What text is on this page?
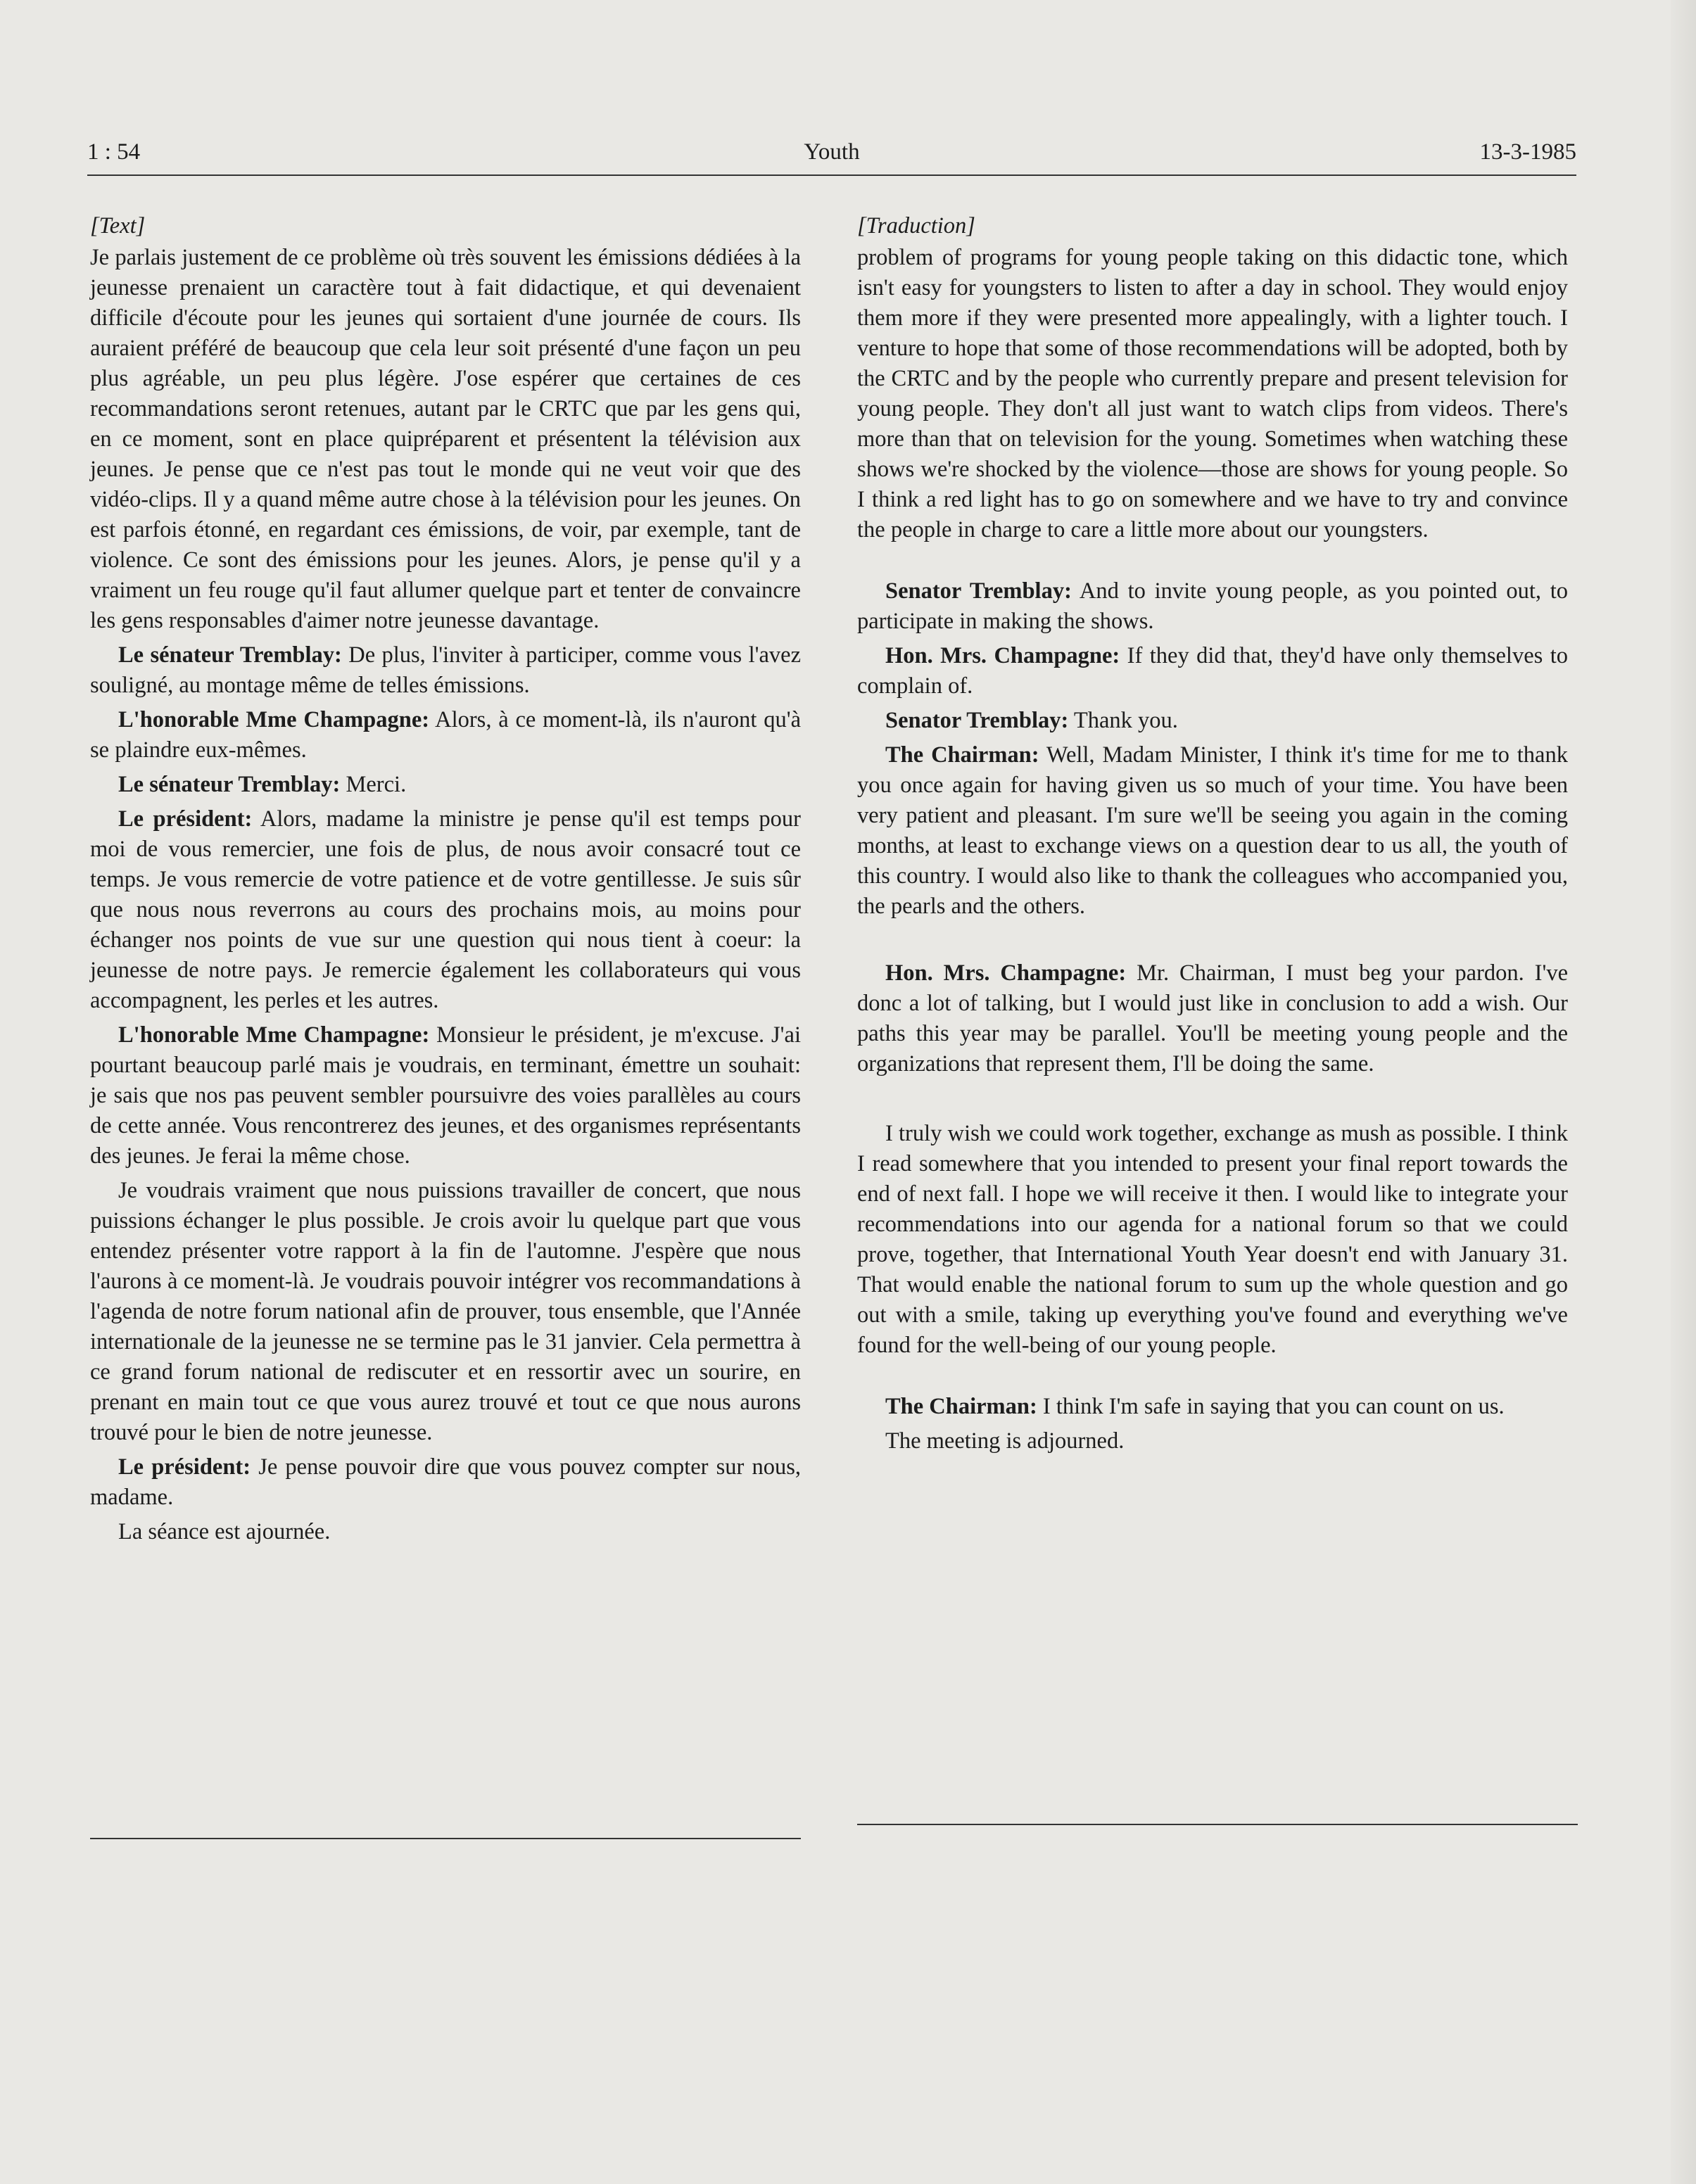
1 : 54	Youth	13-3-1985
[Text]

Je parlais justement de ce problème où très souvent les émissions dédiées à la jeunesse prenaient un caractère tout à fait didactique, et qui devenaient difficile d'écoute pour les jeunes qui sortaient d'une journée de cours. Ils auraient préféré de beaucoup que cela leur soit présenté d'une façon un peu plus agréable, un peu plus légère. J'ose espérer que certaines de ces recommandations seront retenues, autant par le CRTC que par les gens qui, en ce moment, sont en place quipréparent et présentent la télévision aux jeunes. Je pense que ce n'est pas tout le monde qui ne veut voir que des vidéo-clips. Il y a quand même autre chose à la télévision pour les jeunes. On est parfois étonné, en regardant ces émissions, de voir, par exemple, tant de violence. Ce sont des émissions pour les jeunes. Alors, je pense qu'il y a vraiment un feu rouge qu'il faut allumer quelque part et tenter de convaincre les gens responsables d'aimer notre jeunesse davantage.

Le sénateur Tremblay: De plus, l'inviter à participer, comme vous l'avez souligné, au montage même de telles émissions.

L'honorable Mme Champagne: Alors, à ce moment-là, ils n'auront qu'à se plaindre eux-mêmes.

Le sénateur Tremblay: Merci.

Le président: Alors, madame la ministre je pense qu'il est temps pour moi de vous remercier, une fois de plus, de nous avoir consacré tout ce temps. Je vous remercie de votre patience et de votre gentillesse. Je suis sûr que nous nous reverrons au cours des prochains mois, au moins pour échanger nos points de vue sur une question qui nous tient à coeur: la jeunesse de notre pays. Je remercie également les collaborateurs qui vous accompagnent, les perles et les autres.

L'honorable Mme Champagne: Monsieur le président, je m'excuse. J'ai pourtant beaucoup parlé mais je voudrais, en terminant, émettre un souhait: je sais que nos pas peuvent sembler poursuivre des voies parallèles au cours de cette année. Vous rencontrerez des jeunes, et des organismes représentants des jeunes. Je ferai la même chose.

Je voudrais vraiment que nous puissions travailler de concert, que nous puissions échanger le plus possible. Je crois avoir lu quelque part que vous entendez présenter votre rapport à la fin de l'automne. J'espère que nous l'aurons à ce moment-là. Je voudrais pouvoir intégrer vos recommandations à l'agenda de notre forum national afin de prouver, tous ensemble, que l'Année internationale de la jeunesse ne se termine pas le 31 janvier. Cela permettra à ce grand forum national de rediscuter et en ressortir avec un sourire, en prenant en main tout ce que vous aurez trouvé et tout ce que nous aurons trouvé pour le bien de notre jeunesse.

Le président: Je pense pouvoir dire que vous pouvez compter sur nous, madame.

La séance est ajournée.

[Traduction]

problem of programs for young people taking on this didactic tone, which isn't easy for youngsters to listen to after a day in school. They would enjoy them more if they were presented more appealingly, with a lighter touch. I venture to hope that some of those recommendations will be adopted, both by the CRTC and by the people who currently prepare and present television for young people. They don't all just want to watch clips from videos. There's more than that on television for the young. Sometimes when watching these shows we're shocked by the violence—those are shows for young people. So I think a red light has to go on somewhere and we have to try and convince the people in charge to care a little more about our youngsters.

Senator Tremblay: And to invite young people, as you pointed out, to participate in making the shows.

Hon. Mrs. Champagne: If they did that, they'd have only themselves to complain of.

Senator Tremblay: Thank you.

The Chairman: Well, Madam Minister, I think it's time for me to thank you once again for having given us so much of your time. You have been very patient and pleasant. I'm sure we'll be seeing you again in the coming months, at least to exchange views on a question dear to us all, the youth of this country. I would also like to thank the colleagues who accompanied you, the pearls and the others.

Hon. Mrs. Champagne: Mr. Chairman, I must beg your pardon. I've donc a lot of talking, but I would just like in conclusion to add a wish. Our paths this year may be parallel. You'll be meeting young people and the organizations that represent them, I'll be doing the same.

I truly wish we could work together, exchange as mush as possible. I think I read somewhere that you intended to present your final report towards the end of next fall. I hope we will receive it then. I would like to integrate your recommendations into our agenda for a national forum so that we could prove, together, that International Youth Year doesn't end with January 31. That would enable the national forum to sum up the whole question and go out with a smile, taking up everything you've found and everything we've found for the well-being of our young people.

The Chairman: I think I'm safe in saying that you can count on us.

The meeting is adjourned.
